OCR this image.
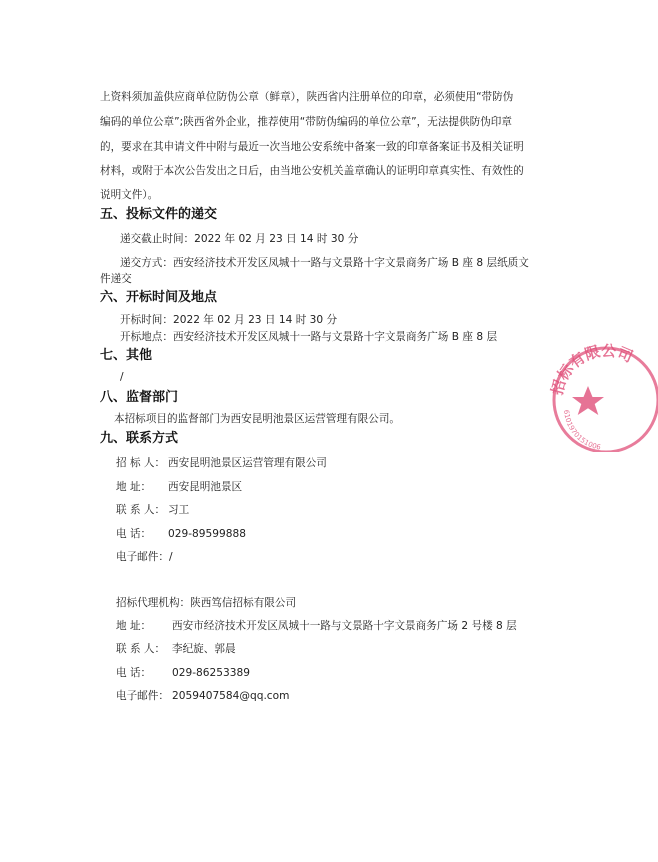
上资料须加盖供应商单位防伪公章（鲜章），陕西省内注册单位的印章，必须使用“带防伪
编码的单位公章”;陕西省外企业，推荐使用“带防伪编码的单位公章”，无法提供防伪印章
的，要求在其申请文件中附与最近一次当地公安系统中备案一致的印章备案证书及相关证明
材料，或附于本次公告发出之日后，由当地公安机关盖章确认的证明印章真实性、有效性的
说明文件）。
五、投标文件的递交
递交截止时间：2022 年 02 月 23 日 14 时 30 分
递交方式：西安经济技术开发区凤城十一路与文景路十字文景商务广场 B 座 8 层纸质文
件递交
六、开标时间及地点
开标时间：2022 年 02 月 23 日 14 时 30 分
开标地点：西安经济技术开发区凤城十一路与文景路十字文景商务广场 B 座 8 层
七、其他
/
八、监督部门
本招标项目的监督部门为西安昆明池景区运营管理有限公司。
九、联系方式
招 标 人： 西安昆明池景区运营管理有限公司
地 址： 西安昆明池景区
联 系 人： 习工
电 话： 029-89599888
电子邮件：/
招标代理机构：陕西笃信招标有限公司
地 址： 西安市经济技术开发区凤城十一路与文景路十字文景商务广场 2 号楼 8 层
联 系 人： 李纪旋、郭晨
电 话： 029-86253389
电子邮件： 2059407584@qq.com
招标有限公司
6101970151006
